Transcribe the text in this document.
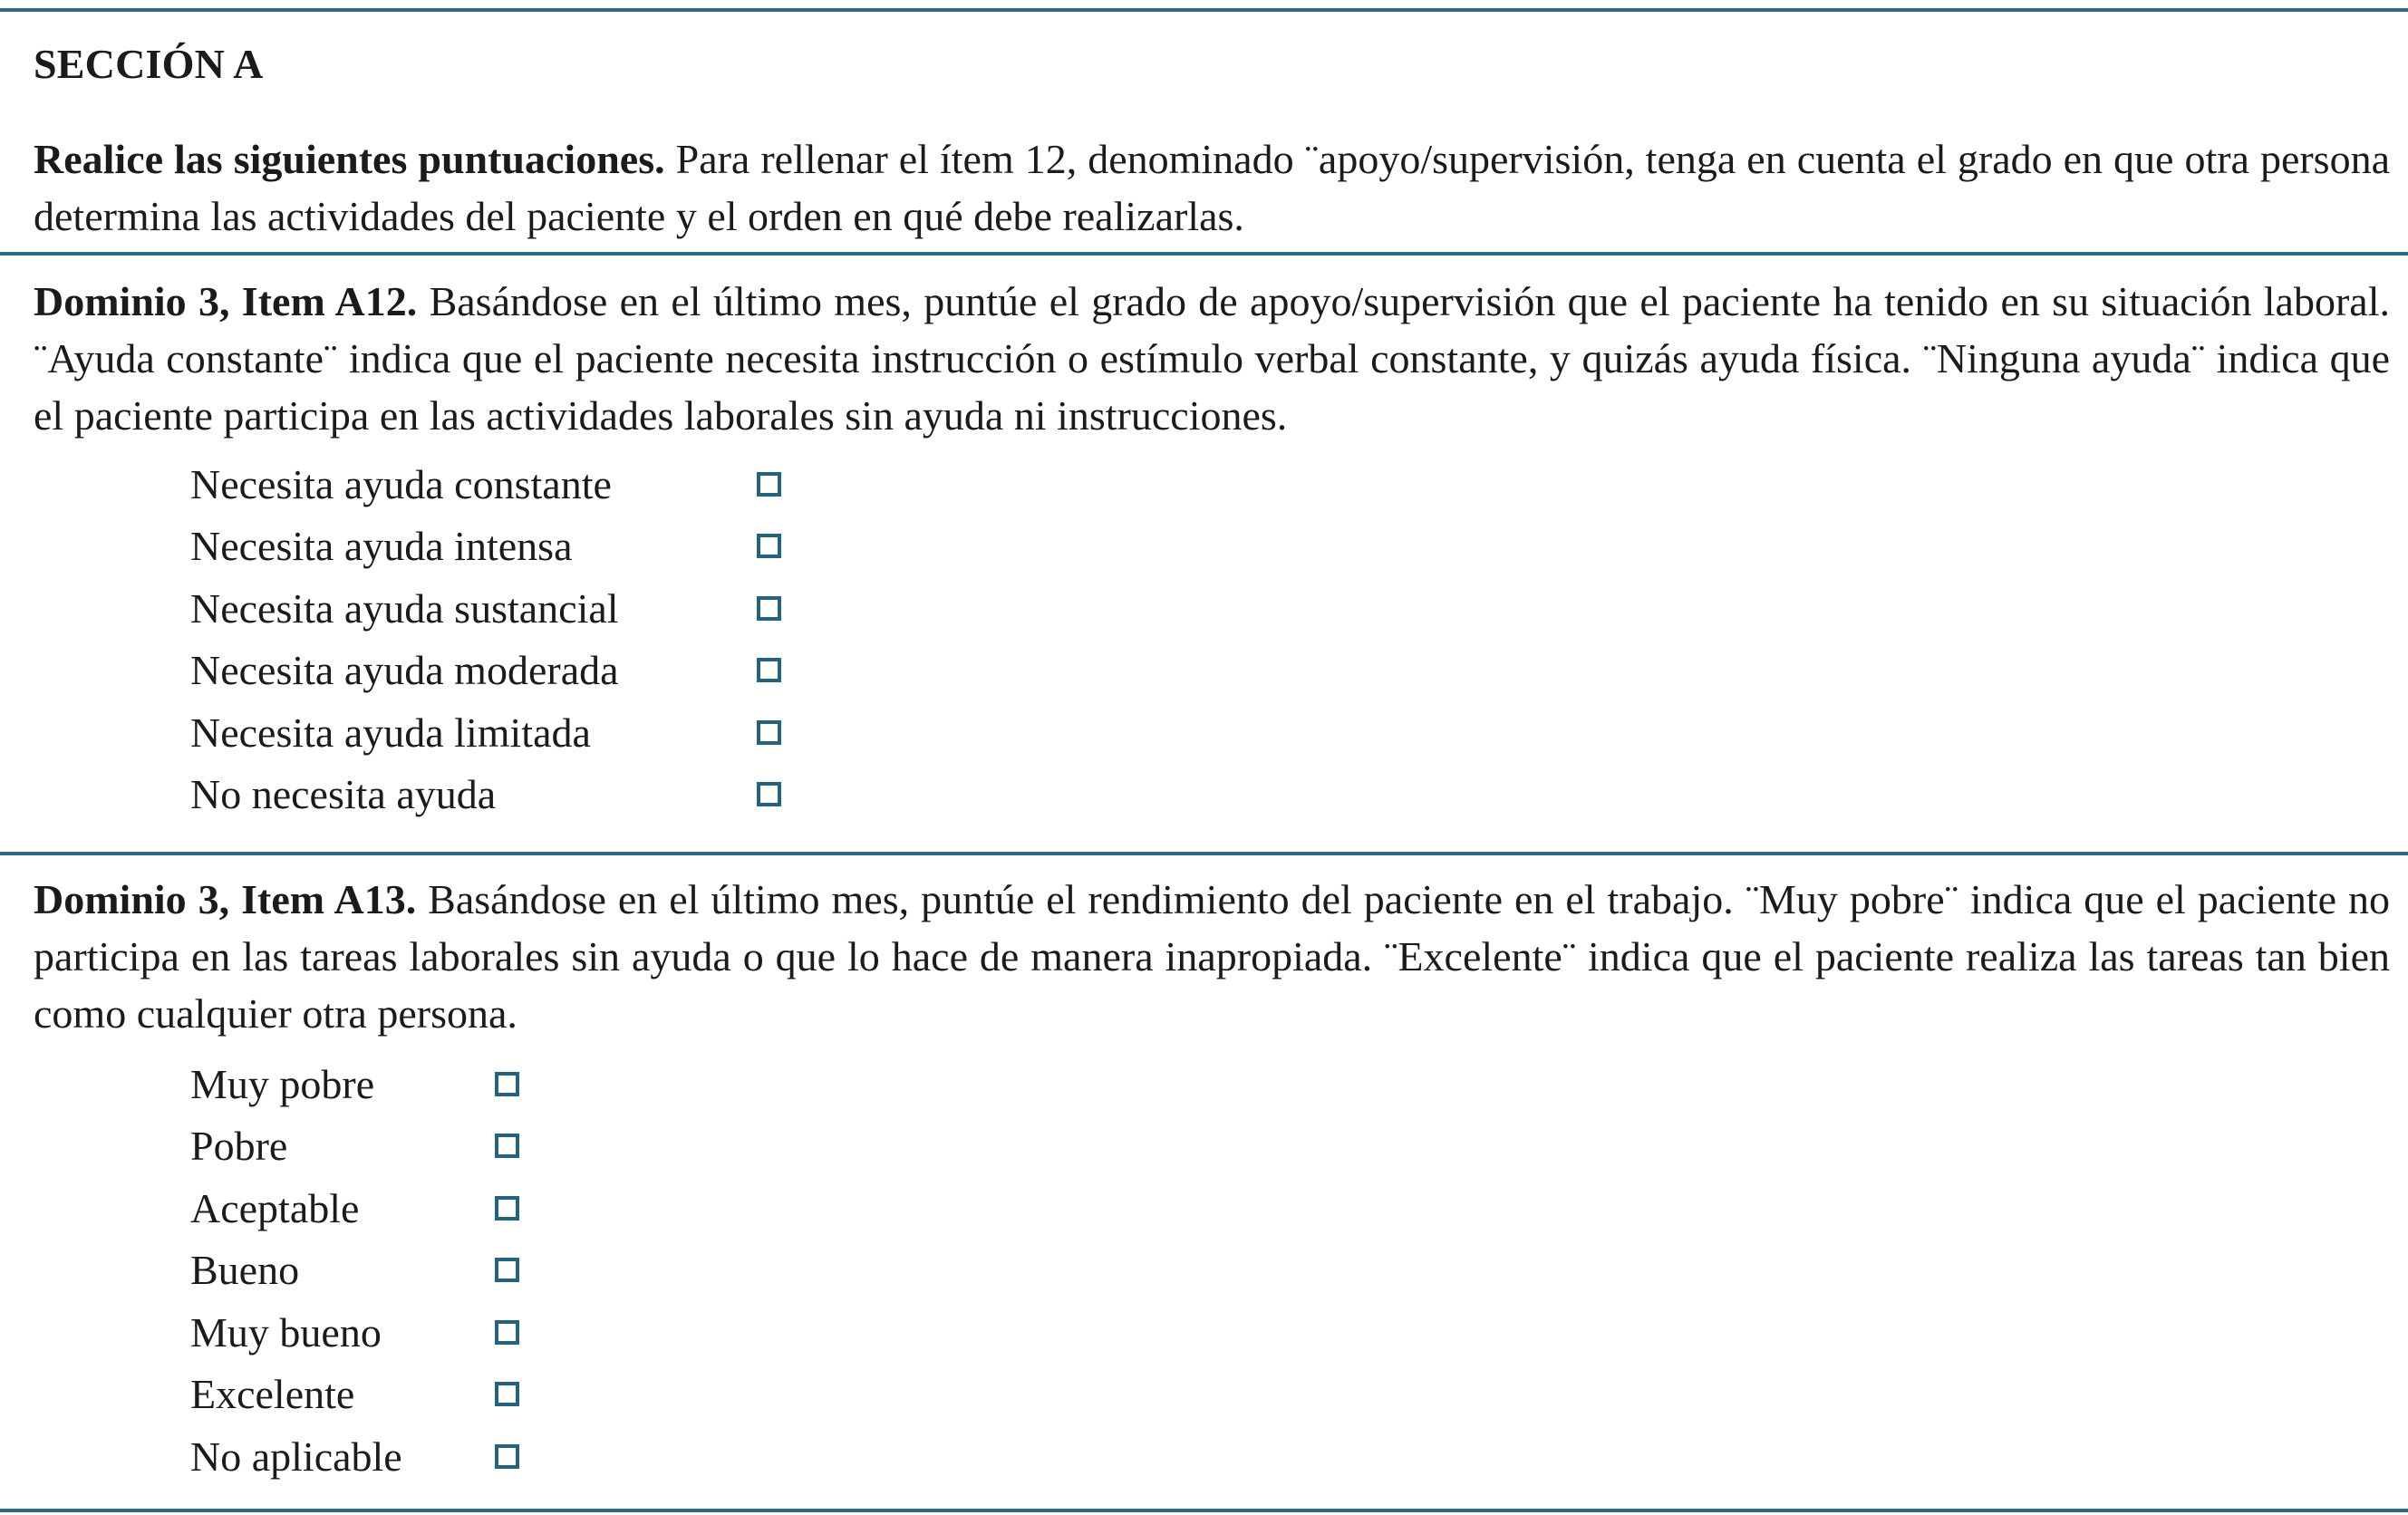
SECCIÓN A

Realice las siguientes puntuaciones. Para rellenar el ítem 12, denominado ¨apoyo/supervisión, tenga en cuenta el grado en que otra persona determina las actividades del paciente y el orden en qué debe realizarlas.

Dominio 3, Item A12. Basándose en el último mes, puntúe el grado de apoyo/supervisión que el paciente ha tenido en su situación laboral. ¨Ayuda constante¨ indica que el paciente necesita instrucción o estímulo verbal constante, y quizás ayuda física. ¨Ninguna ayuda¨ indica que el paciente participa en las actividades laborales sin ayuda ni instrucciones.

Necesita ayuda constante
Necesita ayuda intensa
Necesita ayuda sustancial
Necesita ayuda moderada
Necesita ayuda limitada
No necesita ayuda

Dominio 3, Item A13. Basándose en el último mes, puntúe el rendimiento del paciente en el trabajo. ¨Muy pobre¨ indica que el paciente no participa en las tareas laborales sin ayuda o que lo hace de manera inapropiada. ¨Excelente¨ indica que el paciente realiza las tareas tan bien como cualquier otra persona.

Muy pobre
Pobre
Aceptable
Bueno
Muy bueno
Excelente
No aplicable
